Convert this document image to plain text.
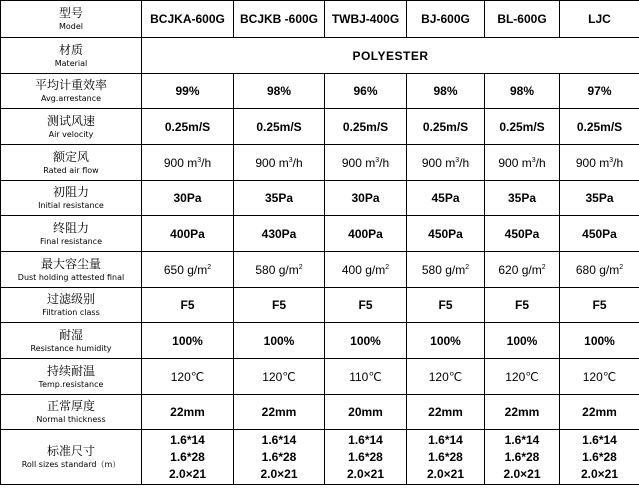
型号
Model	BCJKA-600G	BCJKB -600G	TWBJ-400G	BJ-600G	BL-600G	LJC

材质
Material	POLYESTER					

平均计重效率
Avg.arrestance	99%	98%	96%	98%	98%	97%

测试风速
Air velocity	0.25m/S	0.25m/S	0.25m/S	0.25m/S	0.25m/S	0.25m/S

额定风
Rated air flow	900 $m^3/h$	900 $m^3/h$	900 $m^3/h$	900 $m^3/h$	900 $m^3/h$	900 $m^3/h$

初阻力
Initial resistance	30Pa	35Pa	30Pa	45Pa	35Pa	35Pa

终阻力
Final resistance	400Pa	430Pa	400Pa	450Pa	450Pa	450Pa

最大容尘量
Dust holding attested final	650 $g/m^2$	580 $g/m^2$	400 $g/m^2$	580 $g/m^2$	620 $g/m^2$	680 $g/m^2$

过滤级别
Filtration class	F5	F5	F5	F5	F5	F5

耐湿
Resistance humidity	100%	100%	100%	100%	100%	100%

持续耐温
Temp.resistance	120℃	120℃	110℃	120℃	120℃	120℃

正常厚度
Normal thickness	22mm	22mm	20mm	22mm	22mm	22mm

标准尺寸
Roll sizes standard（m）	1.6*14
1.6*28
2.0×21	1.6*14
1.6*28
2.0×21	1.6*14
1.6*28
2.0×21	1.6*14
1.6*28
2.0×21	1.6*14
1.6*28
2.0×21	1.6*14
1.6*28
2.0×21
